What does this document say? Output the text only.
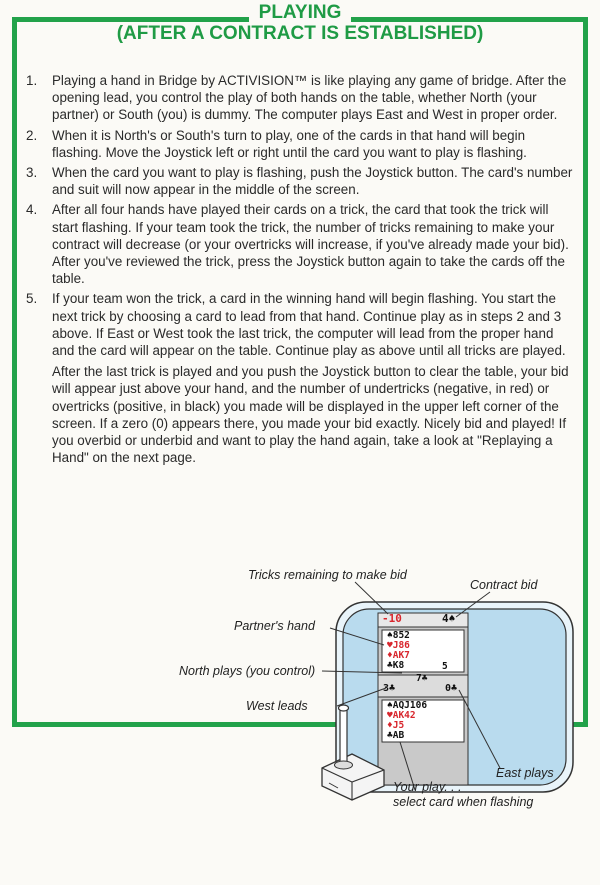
PLAYING
(AFTER A CONTRACT IS ESTABLISHED)
1. Playing a hand in Bridge by ACTIVISION™ is like playing any game of bridge. After the opening lead, you control the play of both hands on the table, whether North (your partner) or South (you) is dummy. The computer plays East and West in proper order.
2. When it is North's or South's turn to play, one of the cards in that hand will begin flashing. Move the Joystick left or right until the card you want to play is flashing.
3. When the card you want to play is flashing, push the Joystick button. The card's number and suit will now appear in the middle of the screen.
4. After all four hands have played their cards on a trick, the card that took the trick will start flashing. If your team took the trick, the number of tricks remaining to make your contract will decrease (or your overtricks will increase, if you've already made your bid). After you've reviewed the trick, press the Joystick button again to take the cards off the table.
5. If your team won the trick, a card in the winning hand will begin flashing. You start the next trick by choosing a card to lead from that hand. Continue play as in steps 2 and 3 above. If East or West took the last trick, the computer will lead from the proper hand and the card will appear on the table. Continue play as above until all tricks are played.
After the last trick is played and you push the Joystick button to clear the table, your bid will appear just above your hand, and the number of undertricks (negative, in red) or overtricks (positive, in black) you made will be displayed in the upper left corner of the screen. If a zero (0) appears there, you made your bid exactly. Nicely bid and played! If you overbid or underbid and want to play the hand again, take a look at "Replaying a Hand" on the next page.
-10	4♠
♠852
♥J86
♦AK7
♣K8	5
7♣
3♣	0♣
♠AQJ106
♥AK42
♦J5
♣AB
Tricks remaining to make bid
Contract bid
Partner's hand
North plays (you control)
West leads
East plays
Your play. . .
select card when flashing
